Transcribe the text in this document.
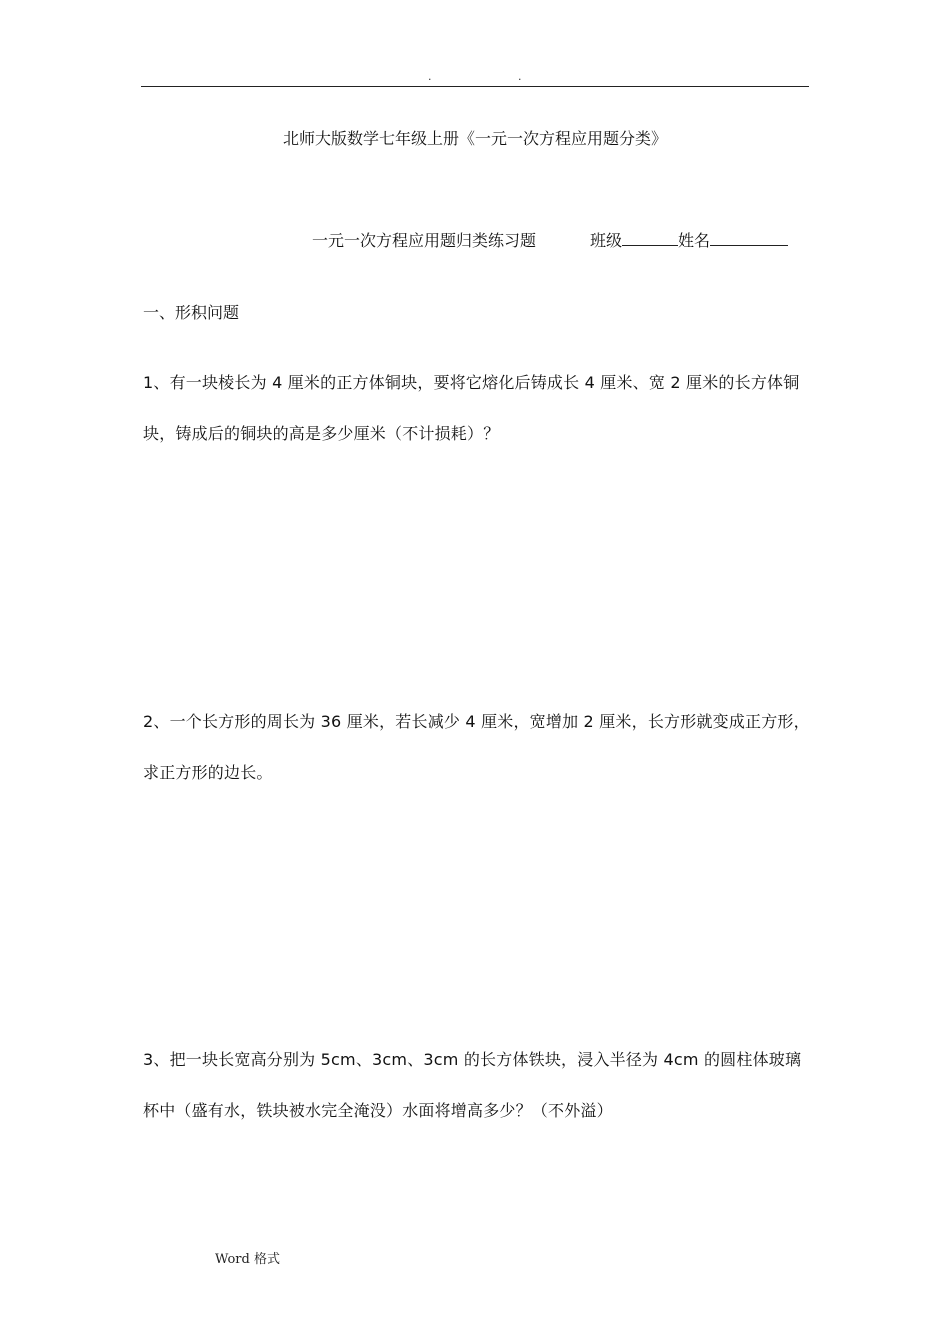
.	.
北师大版数学七年级上册《一元一次方程应用题分类》
一元一次方程应用题归类练习题	班级	姓名
一、形积问题

1、有一块棱长为 4 厘米的正方体铜块，要将它熔化后铸成长 4 厘米、宽 2 厘米的长方体铜

块，铸成后的铜块的高是多少厘米（不计损耗）？

2、一个长方形的周长为 36 厘米，若长减少 4 厘米，宽增加 2 厘米，长方形就变成正方形，

求正方形的边长。

3、把一块长宽高分别为 5cm、3cm、3cm 的长方体铁块，浸入半径为 4cm 的圆柱体玻璃

杯中（盛有水，铁块被水完全淹没）水面将增高多少？（不外溢）

Word 格式
